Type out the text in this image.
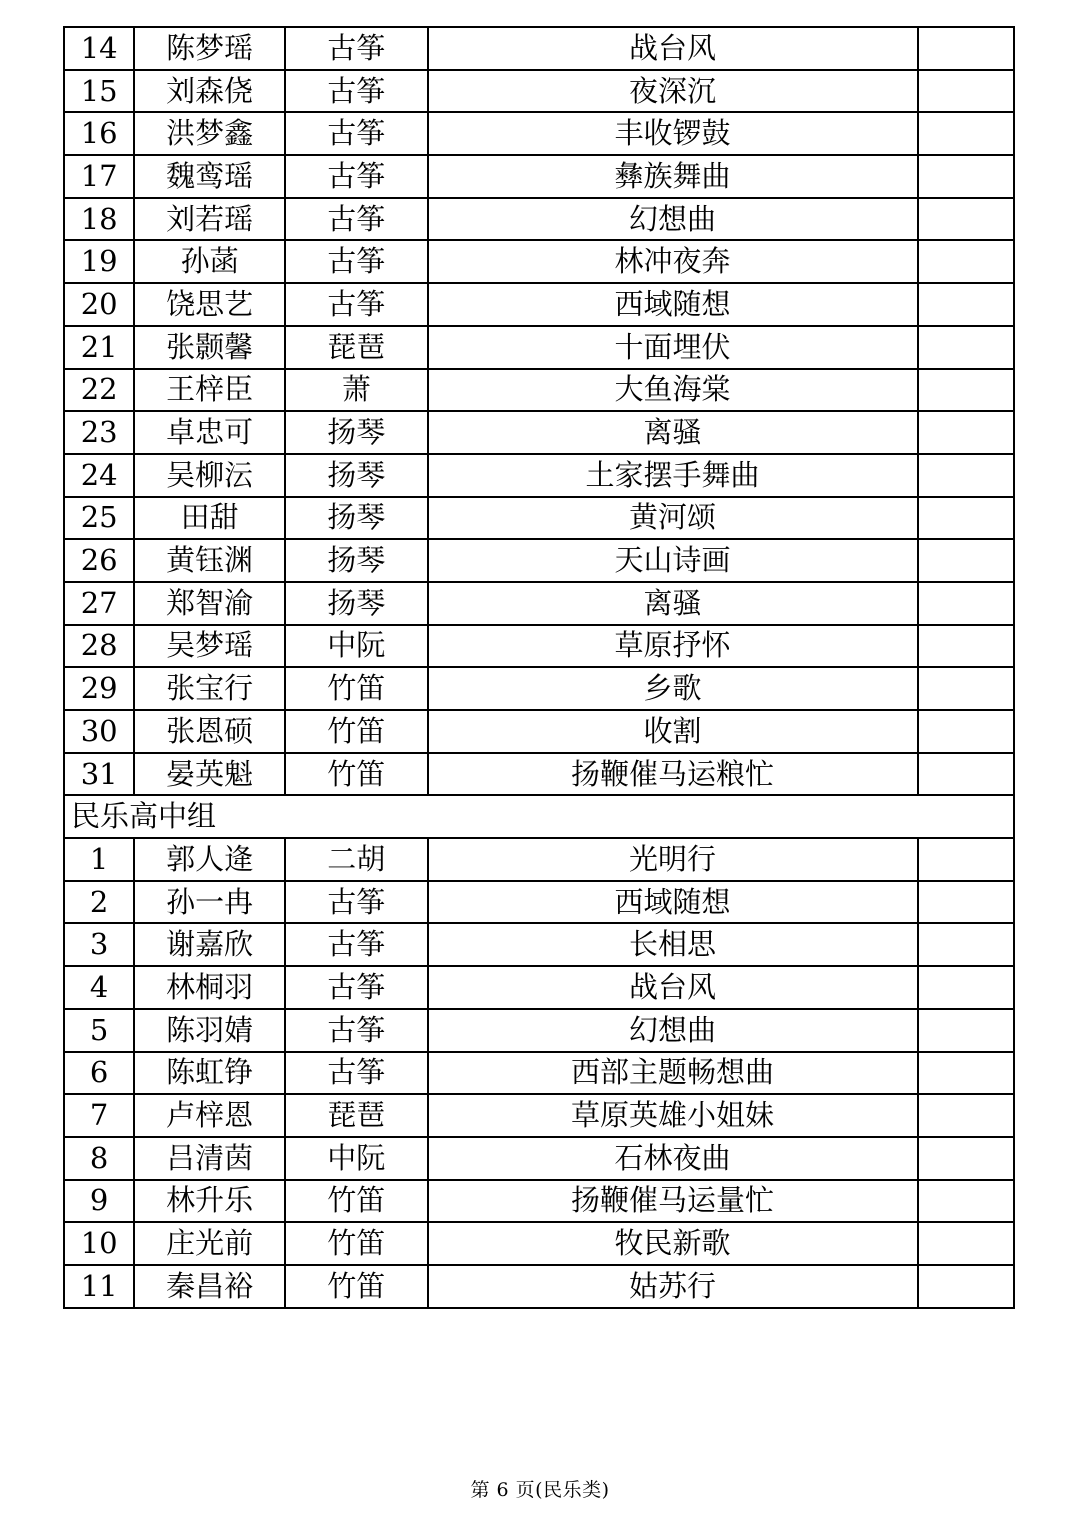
14	陈梦瑶	古筝	战台风	
15	刘森侥	古筝	夜深沉	
16	洪梦鑫	古筝	丰收锣鼓	
17	魏鸾瑶	古筝	彝族舞曲	
18	刘若瑶	古筝	幻想曲	
19	孙菡	古筝	林冲夜奔	
20	饶思艺	古筝	西域随想	
21	张颢馨	琵琶	十面埋伏	
22	王梓臣	萧	大鱼海棠	
23	卓忠可	扬琴	离骚	
24	吴柳沄	扬琴	土家摆手舞曲	
25	田甜	扬琴	黄河颂	
26	黄钰渊	扬琴	天山诗画	
27	郑智渝	扬琴	离骚	
28	吴梦瑶	中阮	草原抒怀	
29	张宝行	竹笛	乡歌	
30	张恩硕	竹笛	收割	
31	晏英魁	竹笛	扬鞭催马运粮忙	
民乐高中组				
1	郭人逄	二胡	光明行	
2	孙一冉	古筝	西域随想	
3	谢嘉欣	古筝	长相思	
4	林桐羽	古筝	战台风	
5	陈羽婧	古筝	幻想曲	
6	陈虹铮	古筝	西部主题畅想曲	
7	卢梓恩	琵琶	草原英雄小姐妹	
8	吕清茵	中阮	石林夜曲	
9	林升乐	竹笛	扬鞭催马运量忙	
10	庄光前	竹笛	牧民新歌	
11	秦昌裕	竹笛	姑苏行	
第 6 页(民乐类)
